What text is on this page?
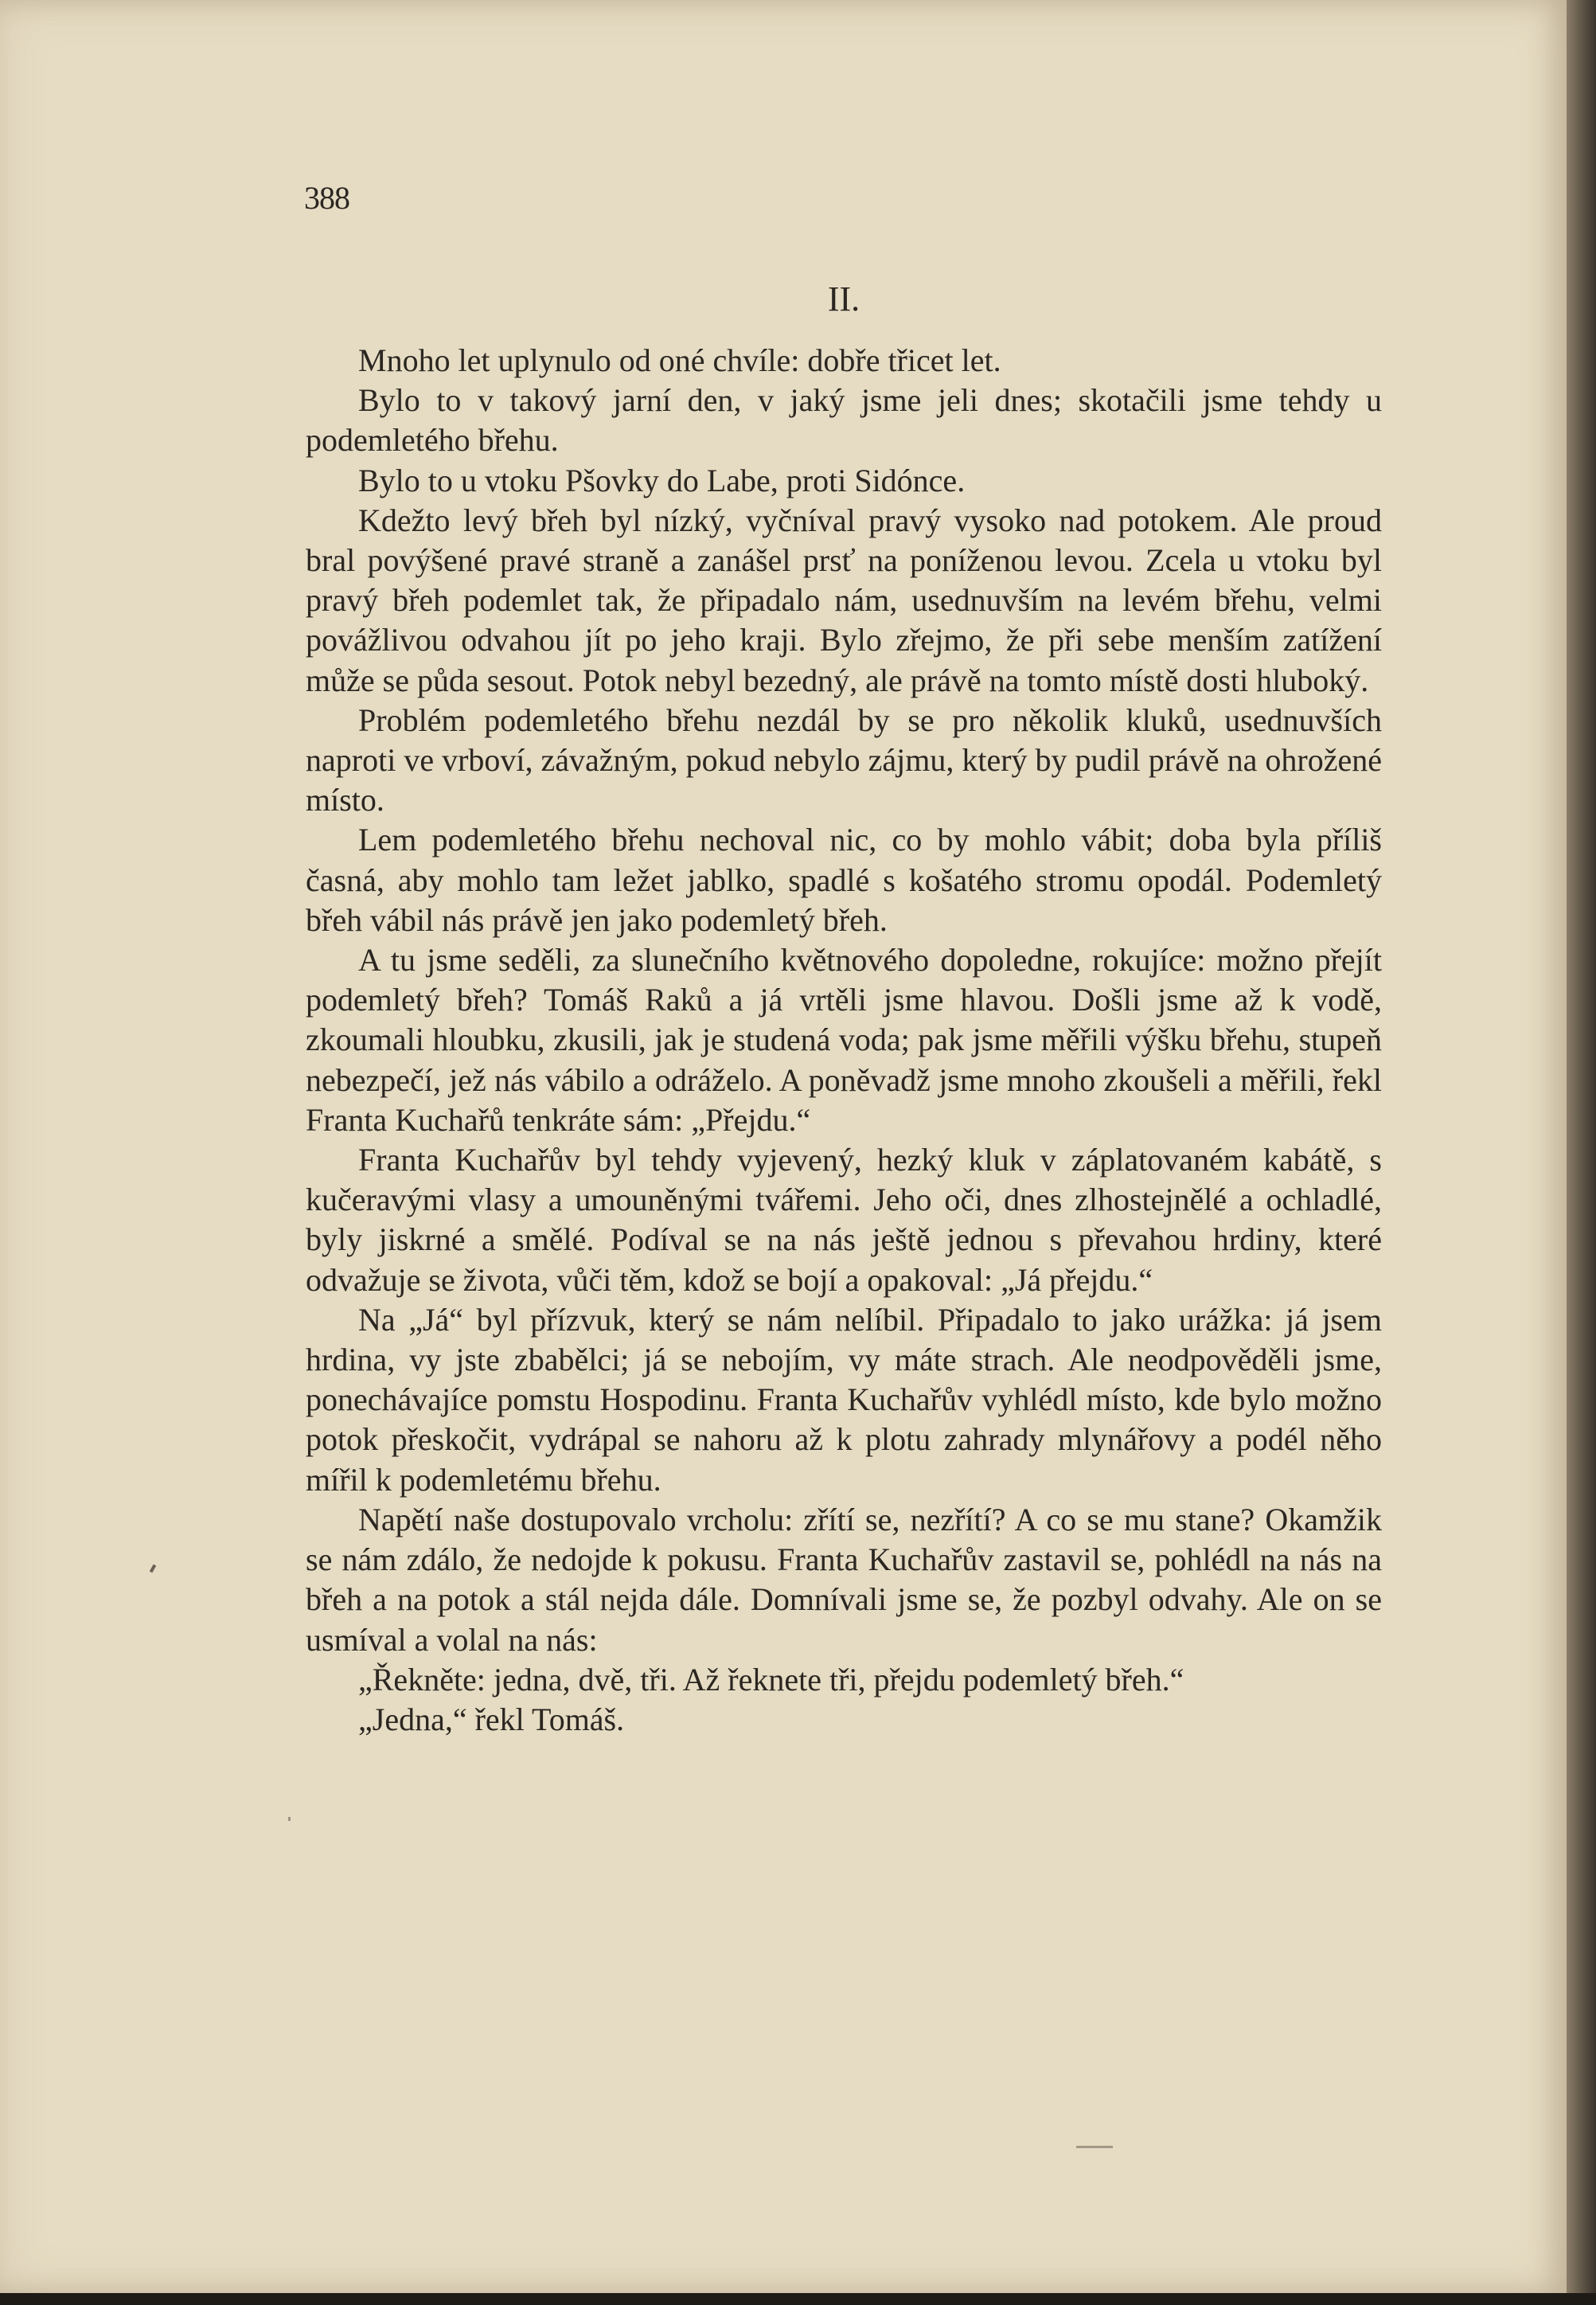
388
II.

Mnoho let uplynulo od oné chvíle: dobře třicet let.

Bylo to v takový jarní den, v jaký jsme jeli dnes; skotačili jsme tehdy u podemletého břehu.

Bylo to u vtoku Pšovky do Labe, proti Sidónce.

Kdežto levý břeh byl nízký, vyčníval pravý vysoko nad potokem. Ale proud bral povýšené pravé straně a zanášel prsť na poníženou levou. Zcela u vtoku byl pravý břeh podemlet tak, že připadalo nám, usednuvším na levém břehu, velmi povážlivou odvahou jít po jeho kraji. Bylo zřejmo, že při sebe menším zatížení může se půda sesout. Potok nebyl bezedný, ale právě na tomto místě dosti hluboký.

Problém podemletého břehu nezdál by se pro několik kluků, usednuvších naproti ve vrboví, závažným, pokud nebylo zájmu, který by pudil právě na ohrožené místo.

Lem podemletého břehu nechoval nic, co by mohlo vábit; doba byla příliš časná, aby mohlo tam ležet jablko, spadlé s košatého stromu opodál. Podemletý břeh vábil nás právě jen jako podemletý břeh.

A tu jsme seděli, za slunečního květnového dopoledne, rokujíce: možno přejít podemletý břeh? Tomáš Raků a já vrtěli jsme hlavou. Došli jsme až k vodě, zkoumali hloubku, zkusili, jak je studená voda; pak jsme měřili výšku břehu, stupeň nebezpečí, jež nás vábilo a odráželo. A poněvadž jsme mnoho zkoušeli a měřili, řekl Franta Kuchařů tenkráte sám: „Přejdu.“

Franta Kuchařův byl tehdy vyjevený, hezký kluk v záplatovaném kabátě, s kučeravými vlasy a umouněnými tvářemi. Jeho oči, dnes zlhostejnělé a ochladlé, byly jiskrné a smělé. Podíval se na nás ještě jednou s převahou hrdiny, které odvažuje se života, vůči těm, kdož se bojí a opakoval: „Já přejdu.“

Na „Já“ byl přízvuk, který se nám nelíbil. Připadalo to jako urážka: já jsem hrdina, vy jste zbabělci; já se nebojím, vy máte strach. Ale neodpověděli jsme, ponechávajíce pomstu Hospodinu. Franta Kuchařův vyhlédl místo, kde bylo možno potok přeskočit, vydrápal se nahoru až k plotu zahrady mlynářovy a podél něho mířil k podemletému břehu.

Napětí naše dostupovalo vrcholu: zřítí se, nezřítí? A co se mu stane? Okamžik se nám zdálo, že nedojde k pokusu. Franta Kuchařův zastavil se, pohlédl na nás na břeh a na potok a stál nejda dále. Domnívali jsme se, že pozbyl odvahy. Ale on se usmíval a volal na nás:

„Řekněte: jedna, dvě, tři. Až řeknete tři, přejdu podemletý břeh.“

„Jedna,“ řekl Tomáš.
